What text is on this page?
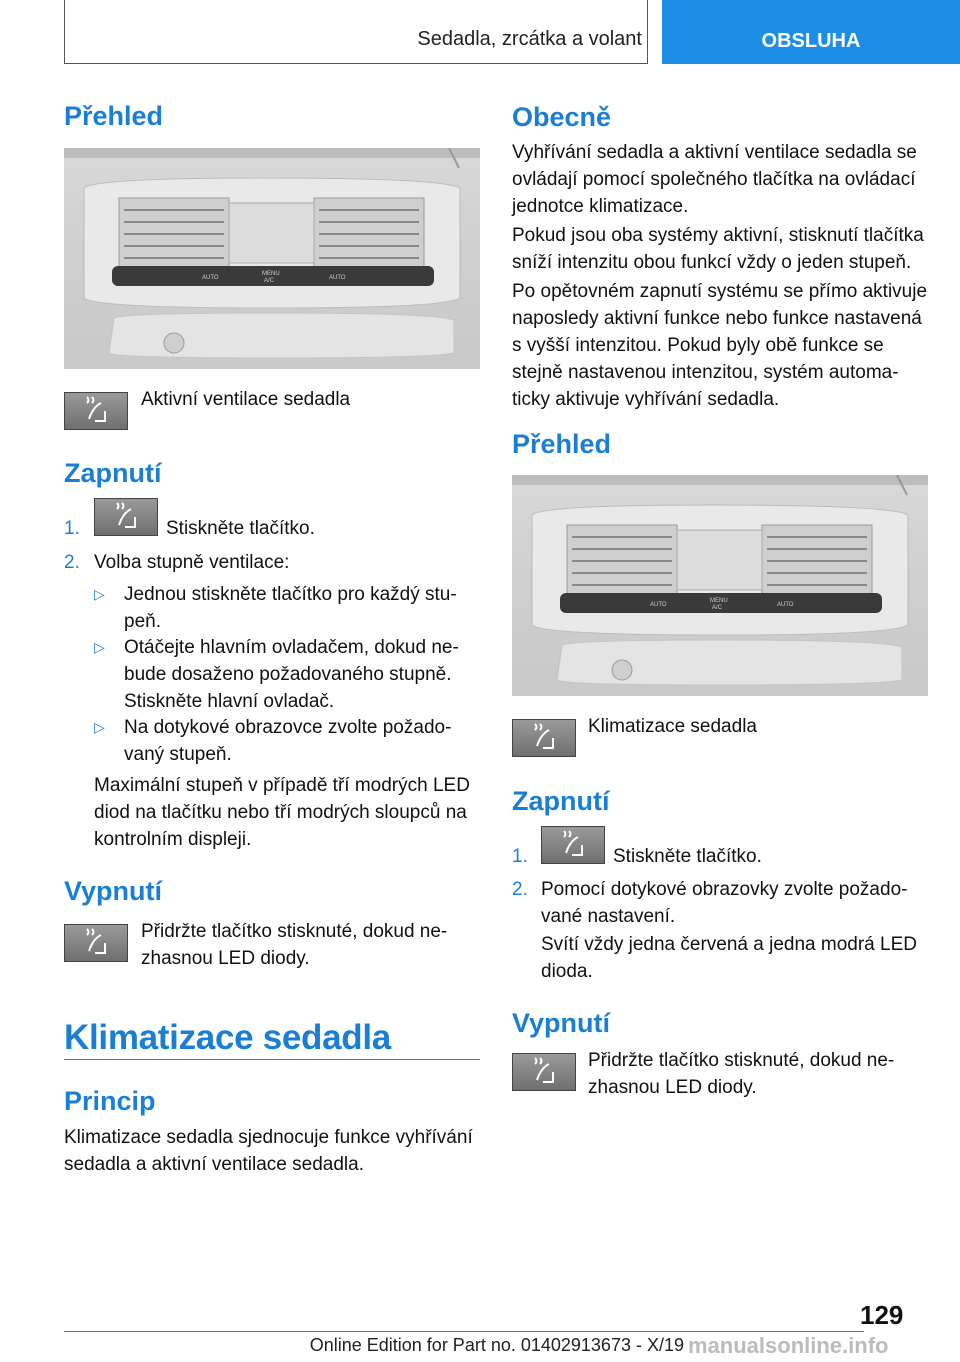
Sedadla, zrcátka a volant	OBSLUHA
Přehled
AUTO
MENU
A/C	AUTO
Aktivní ventilace sedadla
Zapnutí
1.	Stiskněte tlačítko.
2. Volba stupně ventilace:
▷ Jednou stiskněte tlačítko pro každý stu-
peň.
▷ Otáčejte hlavním ovladačem, dokud ne-
bude dosaženo požadovaného stupně.
Stiskněte hlavní ovladač.
▷ Na dotykové obrazovce zvolte požado-
vaný stupeň.
Maximální stupeň v případě tří modrých LED
diod na tlačítku nebo tří modrých sloupců na
kontrolním displeji.
Vypnutí
Přidržte tlačítko stisknuté, dokud ne-
zhasnou LED diody.
Klimatizace sedadla
Princip
Klimatizace sedadla sjednocuje funkce vyhřívání
sedadla a aktivní ventilace sedadla.
Obecně
Vyhřívání sedadla a aktivní ventilace sedadla se
ovládají pomocí společného tlačítka na ovládací
jednotce klimatizace.
Pokud jsou oba systémy aktivní, stisknutí tlačítka
sníží intenzitu obou funkcí vždy o jeden stupeň.
Po opětovném zapnutí systému se přímo aktivuje
naposledy aktivní funkce nebo funkce nastavená
s vyšší intenzitou. Pokud byly obě funkce se
stejně nastavenou intenzitou, systém automa-
ticky aktivuje vyhřívání sedadla.
Přehled
AUTO
MENU
A/C	AUTO
Klimatizace sedadla
Zapnutí
1.	Stiskněte tlačítko.
2. Pomocí dotykové obrazovky zvolte požado-
vané nastavení.
Svítí vždy jedna červená a jedna modrá LED
dioda.
Vypnutí
Přidržte tlačítko stisknuté, dokud ne-
zhasnou LED diody.
129
Online Edition for Part no. 01402913673 - X/19 manualsonline.info
